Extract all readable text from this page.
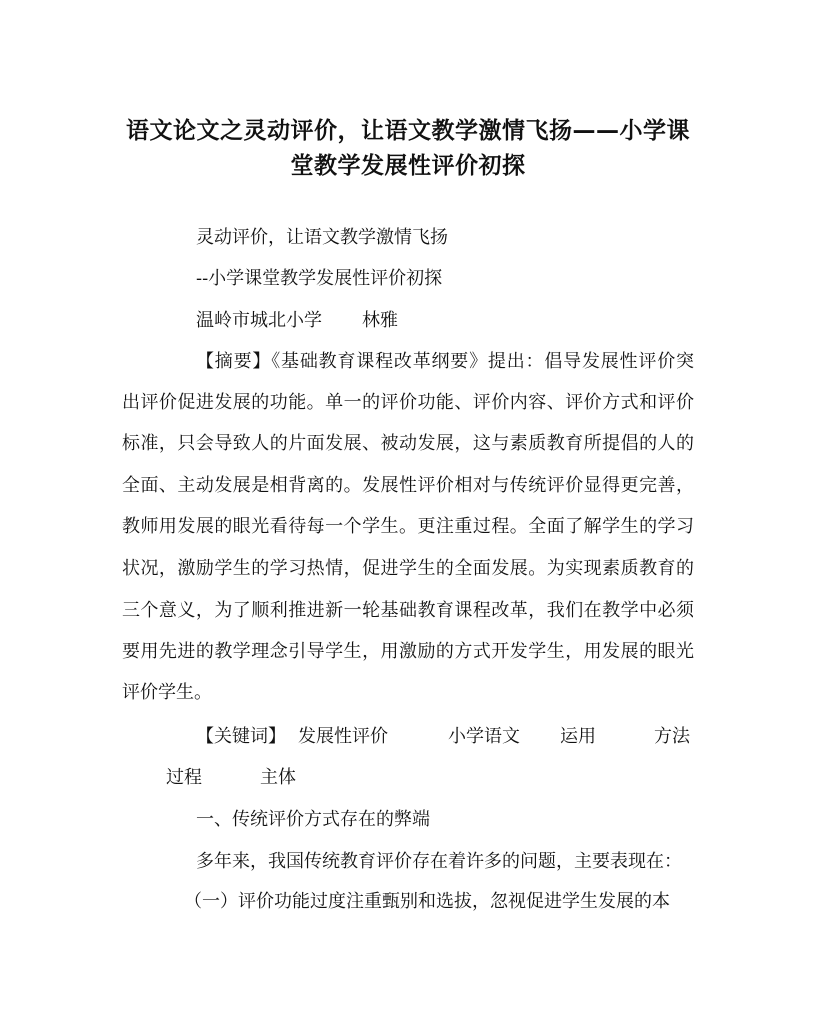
语文论文之灵动评价，让语文教学激情飞扬——小学课
堂教学发展性评价初探
灵动评价，让语文教学激情飞扬
--小学课堂教学发展性评价初探
温岭市城北小学 林雅
【摘要】《基础教育课程改革纲要》提出：倡导发展性评价突
出评价促进发展的功能。单一的评价功能、评价内容、评价方式和评价
标准，只会导致人的片面发展、被动发展，这与素质教育所提倡的人的
全面、主动发展是相背离的。发展性评价相对与传统评价显得更完善，
教师用发展的眼光看待每一个学生。更注重过程。全面了解学生的学习
状况，激励学生的学习热情，促进学生的全面发展。为实现素质教育的
三个意义，为了顺利推进新一轮基础教育课程改革，我们在教学中必须
要用先进的教学理念引导学生，用激励的方式开发学生，用发展的眼光
评价学生。
【关键词】 发展性评价	小学语文 运用	方法
过程	主体
一、传统评价方式存在的弊端
多年来，我国传统教育评价存在着许多的问题，主要表现在：
（一）评价功能过度注重甄别和选拔，忽视促进学生发展的本
